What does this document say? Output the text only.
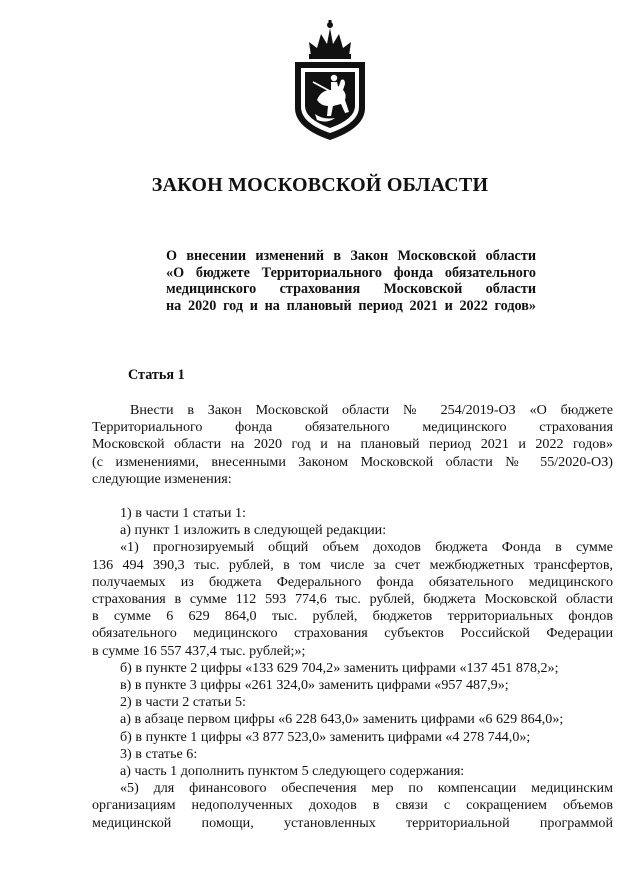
ЗАКОН МОСКОВСКОЙ ОБЛАСТИ
О внесении изменений в Закон Московской области
«О бюджете Территориального фонда обязательного
медицинского страхования Московской области
на 2020 год и на плановый период 2021 и 2022 годов»
Статья 1
Внести в Закон Московской области № 254/2019-ОЗ «О бюджете
Территориального фонда обязательного медицинского страхования
Московской области на 2020 год и на плановый период 2021 и 2022 годов»
(с изменениями, внесенными Законом Московской области № 55/2020-ОЗ)
следующие изменения:
1) в части 1 статьи 1:
а) пункт 1 изложить в следующей редакции:
«1) прогнозируемый общий объем доходов бюджета Фонда в сумме
136 494 390,3 тыс. рублей, в том числе за счет межбюджетных трансфертов,
получаемых из бюджета Федерального фонда обязательного медицинского
страхования в сумме 112 593 774,6 тыс. рублей, бюджета Московской области
в сумме 6 629 864,0 тыс. рублей, бюджетов территориальных фондов
обязательного медицинского страхования субъектов Российской Федерации
в сумме 16 557 437,4 тыс. рублей;»;
б) в пункте 2 цифры «133 629 704,2» заменить цифрами «137 451 878,2»;
в) в пункте 3 цифры «261 324,0» заменить цифрами «957 487,9»;
2) в части 2 статьи 5:
а) в абзаце первом цифры «6 228 643,0» заменить цифрами «6 629 864,0»;
б) в пункте 1 цифры «3 877 523,0» заменить цифрами «4 278 744,0»;
3) в статье 6:
а) часть 1 дополнить пунктом 5 следующего содержания:
«5) для финансового обеспечения мер по компенсации медицинским
организациям недополученных доходов в связи с сокращением объемов
медицинской помощи, установленных территориальной программой
